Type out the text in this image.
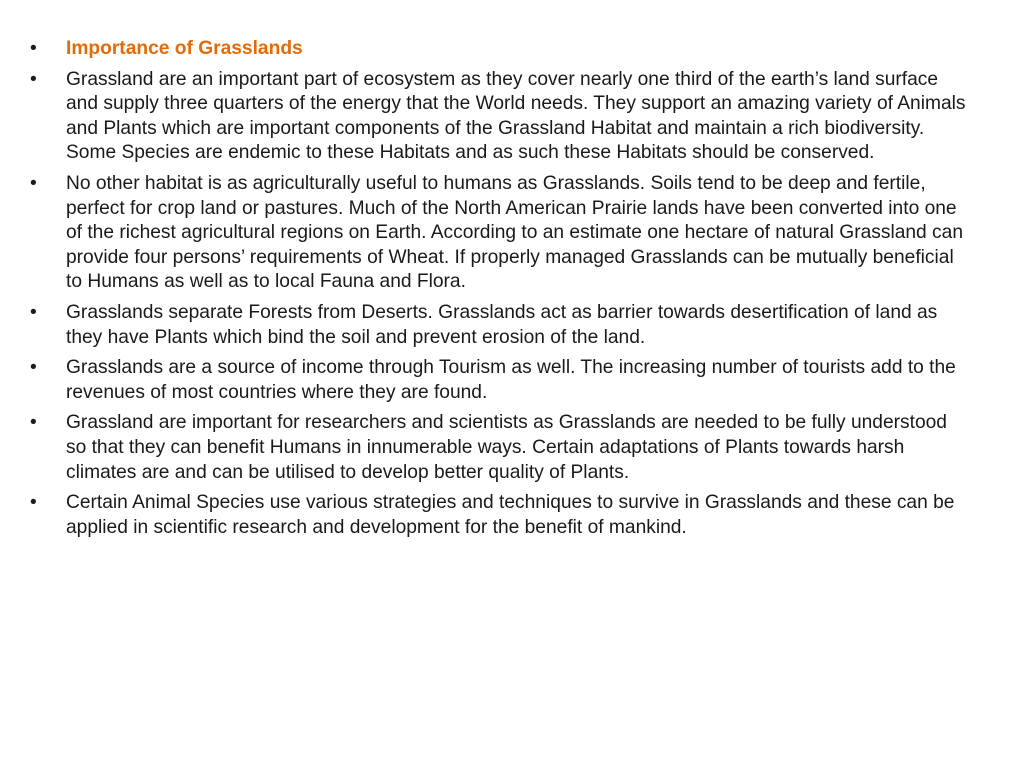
•	Importance of Grasslands
•	Grassland are an important part of ecosystem as they cover nearly one third of the earth’s land surface and supply three quarters of the energy that the World needs. They support an amazing variety of Animals and Plants which are important components of the Grassland Habitat and maintain a rich biodiversity. Some Species are endemic to these Habitats and as such these Habitats should be conserved.
•	No other habitat is as agriculturally useful to humans as Grasslands. Soils tend to be deep and fertile, perfect for crop land or pastures. Much of the North American Prairie lands have been converted into one of the richest agricultural regions on Earth. According to an estimate one hectare of natural Grassland can provide four persons’ requirements of Wheat. If properly managed Grasslands can be mutually beneficial to Humans as well as to local Fauna and Flora.
•	Grasslands separate Forests from Deserts. Grasslands act as barrier towards desertification of land as they have Plants which bind the soil and prevent erosion of the land.
•	Grasslands are a source of income through Tourism as well. The increasing number of tourists add to the revenues of most countries where they are found.
•	Grassland are important for researchers and scientists as Grasslands are needed to be fully understood so that they can benefit Humans in innumerable ways. Certain adaptations of Plants towards harsh climates are and can be utilised to develop better quality of Plants.
•	Certain Animal Species use various strategies and techniques to survive in Grasslands and these can be applied in scientific research and development for the benefit of mankind.
